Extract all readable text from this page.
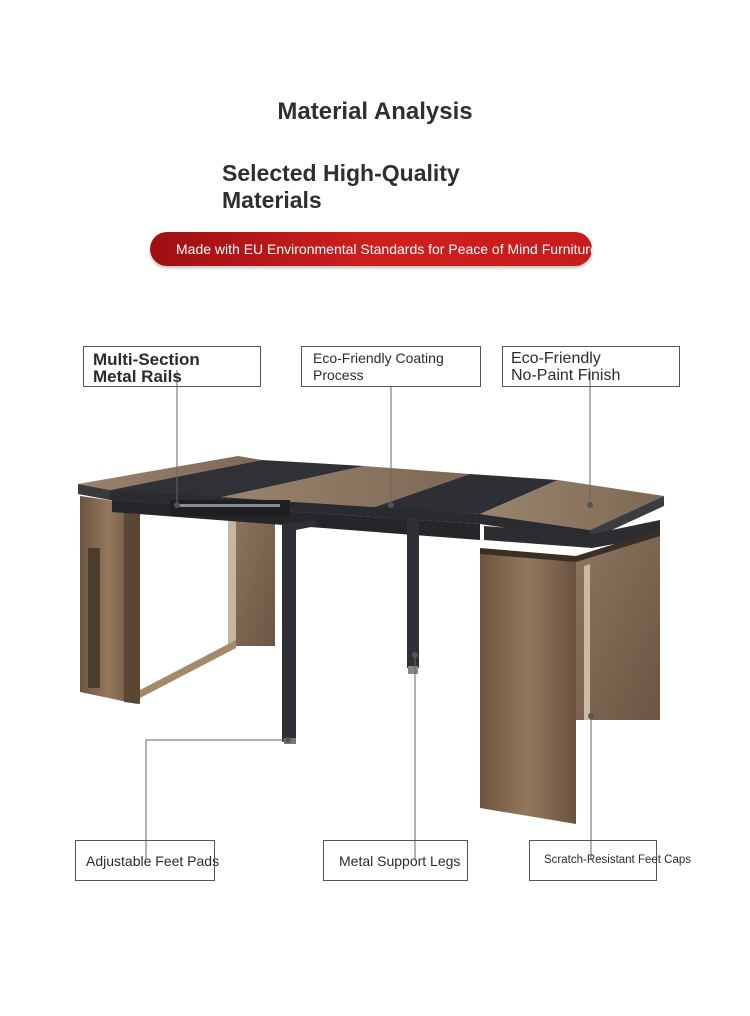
Material Analysis
Selected High-Quality
Materials
Made with EU Environmental Standards for Peace of Mind Furniture
Multi-Section
Metal Rails
Eco-Friendly Coating
Process
Eco-Friendly
No-Paint Finish
Adjustable Feet Pads	Metal Support Legs	Scratch-Resistant Feet Caps
